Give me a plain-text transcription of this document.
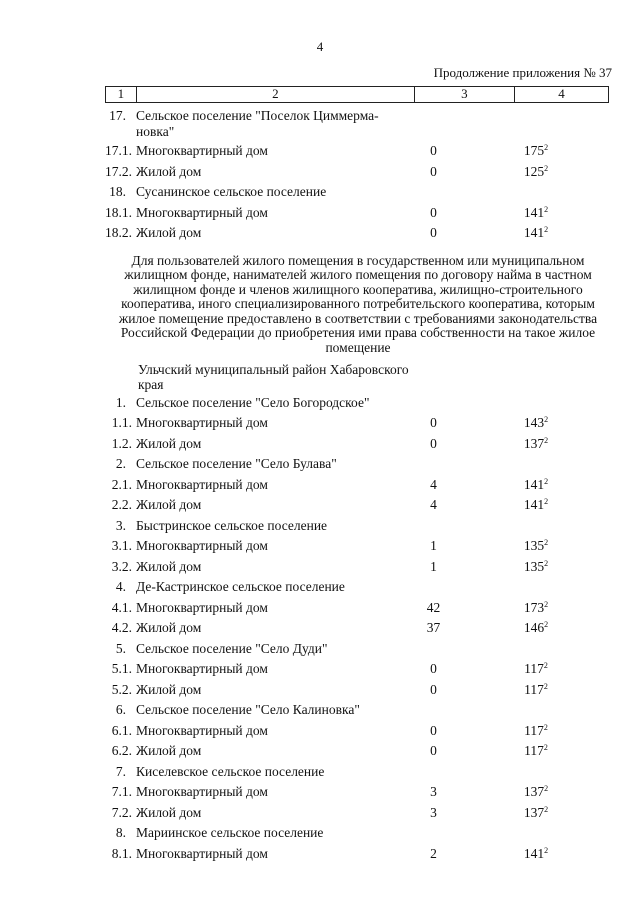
4
Продолжение приложения № 37
1	2	3	4
17. Сельское поселение "Поселок Циммерма-новка"
17.1. Многоквартирный дом	0	$175^2$
17.2. Жилой дом	0	$125^2$
18. Сусанинское сельское поселение
18.1. Многоквартирный дом	0	$141^2$
18.2. Жилой дом	0	$141^2$
Для пользователей жилого помещения в государственном или муниципальном жилищном фонде, нанимателей жилого помещения по договору найма в частном жилищном фонде и членов жилищного кооператива, жилищно-строительного кооператива, иного специализированного потребительского кооператива, которым жилое помещение предоставлено в соответствии с требованиями законодательства Российской Федерации до приобретения ими права собственности на такое жилое помещение
Ульчский муниципальный район Хабаровского края
1. Сельское поселение "Село Богородское"
1.1. Многоквартирный дом	0	$143^2$
1.2. Жилой дом	0	$137^2$
2. Сельское поселение "Село Булава"
2.1. Многоквартирный дом	4	$141^2$
2.2. Жилой дом	4	$141^2$
3. Быстринское сельское поселение
3.1. Многоквартирный дом	1	$135^2$
3.2. Жилой дом	1	$135^2$
4. Де-Кастринское сельское поселение
4.1. Многоквартирный дом	42	$173^2$
4.2. Жилой дом	37	$146^2$
5. Сельское поселение "Село Дуди"
5.1. Многоквартирный дом	0	$117^2$
5.2. Жилой дом	0	$117^2$
6. Сельское поселение "Село Калиновка"
6.1. Многоквартирный дом	0	$117^2$
6.2. Жилой дом	0	$117^2$
7. Киселевское сельское поселение
7.1. Многоквартирный дом	3	$137^2$
7.2. Жилой дом	3	$137^2$
8. Мариинское сельское поселение
8.1. Многоквартирный дом	2	$141^2$
